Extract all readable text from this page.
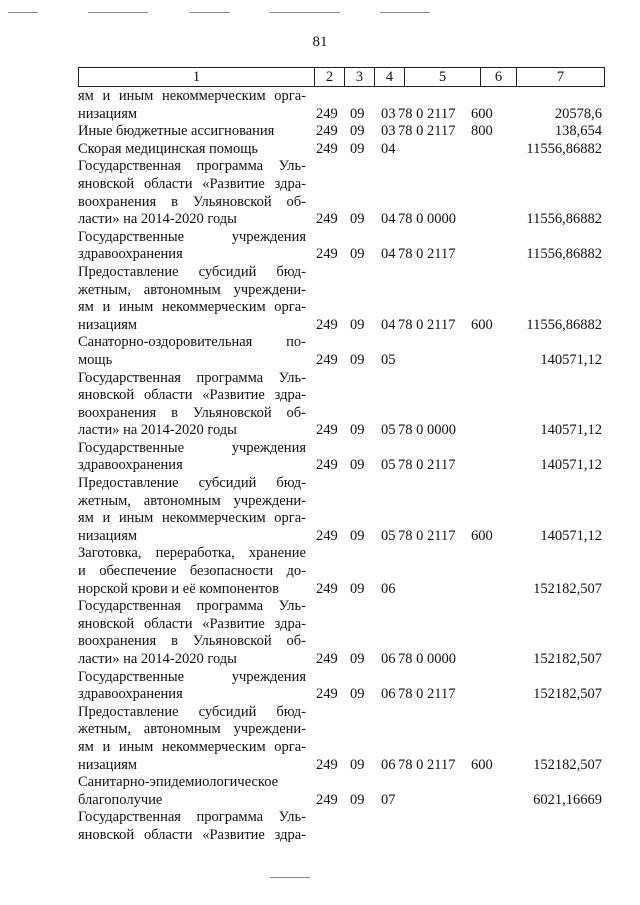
81
1	2	3	4	5	6	7
ям и иным некоммерческим орга-
низациям	249 09 03 78 0 2117 600	20578,6
Иные бюджетные ассигнования	249 09 03 78 0 2117 800	138,654
Скорая медицинская помощь	249 09 04	11556,86882
Государственная программа Уль-
яновской области «Развитие здра-
воохранения в Ульяновской об-
ласти» на 2014-2020 годы	249 09 04 78 0 0000	11556,86882
Государственные учреждения
здравоохранения	249 09 04 78 0 2117	11556,86882
Предоставление субсидий бюд-
жетным, автономным учреждени-
ям и иным некоммерческим орга-
низациям	249 09 04 78 0 2117 600 11556,86882
Санаторно-оздоровительная по-
мощь	249 09 05	140571,12
Государственная программа Уль-
яновской области «Развитие здра-
воохранения в Ульяновской об-
ласти» на 2014-2020 годы	249 09 05 78 0 0000	140571,12
Государственные учреждения
здравоохранения	249 09 05 78 0 2117	140571,12
Предоставление субсидий бюд-
жетным, автономным учреждени-
ям и иным некоммерческим орга-
низациям	249 09 05 78 0 2117 600	140571,12
Заготовка, переработка, хранение
и обеспечение безопасности до-
норской крови и её компонентов	249 09 06	152182,507
Государственная программа Уль-
яновской области «Развитие здра-
воохранения в Ульяновской об-
ласти» на 2014-2020 годы	249 09 06 78 0 0000	152182,507
Государственные учреждения
здравоохранения	249 09 06 78 0 2117	152182,507
Предоставление субсидий бюд-
жетным, автономным учреждени-
ям и иным некоммерческим орга-
низациям	249 09 06 78 0 2117 600	152182,507
Санитарно-эпидемиологическое
благополучие	249 09 07	6021,16669
Государственная программа Уль-
яновской области «Развитие здра-
